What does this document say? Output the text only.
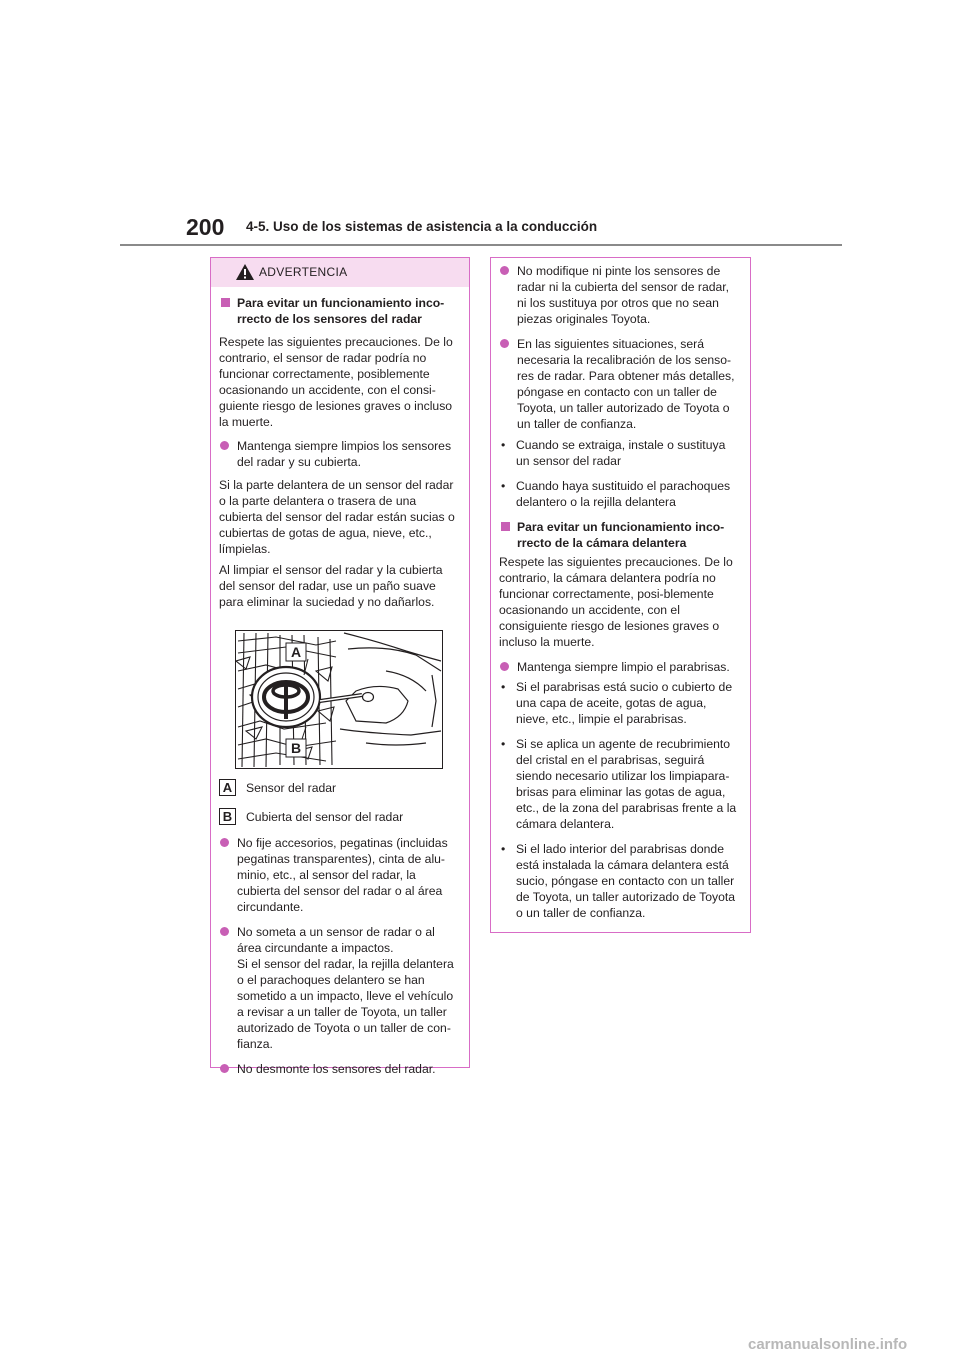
200 4-5. Uso de los sistemas de asistencia a la conducción
ADVERTENCIA

Para evitar un funcionamiento inco-rrecto de los sensores del radar

Respete las siguientes precauciones. De lo contrario, el sensor de radar podría no funcionar correctamente, posiblemente ocasionando un accidente, con el consi-guiente riesgo de lesiones graves o incluso la muerte.

Mantenga siempre limpios los sensores del radar y su cubierta.

Si la parte delantera de un sensor del radar o la parte delantera o trasera de una cubierta del sensor del radar están sucias o cubiertas de gotas de agua, nieve, etc., límpielas.

Al limpiar el sensor del radar y la cubierta del sensor del radar, use un paño suave para eliminar la suciedad y no dañarlos.

A
B
A	Sensor del radar
B	Cubierta del sensor del radar

No fije accesorios, pegatinas (incluidas pegatinas transparentes), cinta de alu-minio, etc., al sensor del radar, la cubierta del sensor del radar o al área circundante.

No someta a un sensor de radar o al área circundante a impactos.

Si el sensor del radar, la rejilla delantera o el parachoques delantero se han sometido a un impacto, lleve el vehículo a revisar a un taller de Toyota, un taller autorizado de Toyota o un taller de con-fianza.

No desmonte los sensores del radar.

No modifique ni pinte los sensores de radar ni la cubierta del sensor de radar, ni los sustituya por otros que no sean piezas originales Toyota.

En las siguientes situaciones, será necesaria la recalibración de los senso-res de radar. Para obtener más detalles, póngase en contacto con un taller de Toyota, un taller autorizado de Toyota o un taller de confianza.

• Cuando se extraiga, instale o sustituya un sensor del radar

• Cuando haya sustituido el parachoques delantero o la rejilla delantera

Para evitar un funcionamiento inco-rrecto de la cámara delantera

Respete las siguientes precauciones. De lo contrario, la cámara delantera podría no funcionar correctamente, posi-blemente ocasionando un accidente, con el consiguiente riesgo de lesiones graves o incluso la muerte.

Mantenga siempre limpio el parabrisas.

• Si el parabrisas está sucio o cubierto de una capa de aceite, gotas de agua, nieve, etc., limpie el parabrisas.

• Si se aplica un agente de recubrimiento del cristal en el parabrisas, seguirá siendo necesario utilizar los limpiapara-brisas para eliminar las gotas de agua, etc., de la zona del parabrisas frente a la cámara delantera.

• Si el lado interior del parabrisas donde está instalada la cámara delantera está sucio, póngase en contacto con un taller de Toyota, un taller autorizado de Toyota o un taller de confianza.

carmanualsonline.info
